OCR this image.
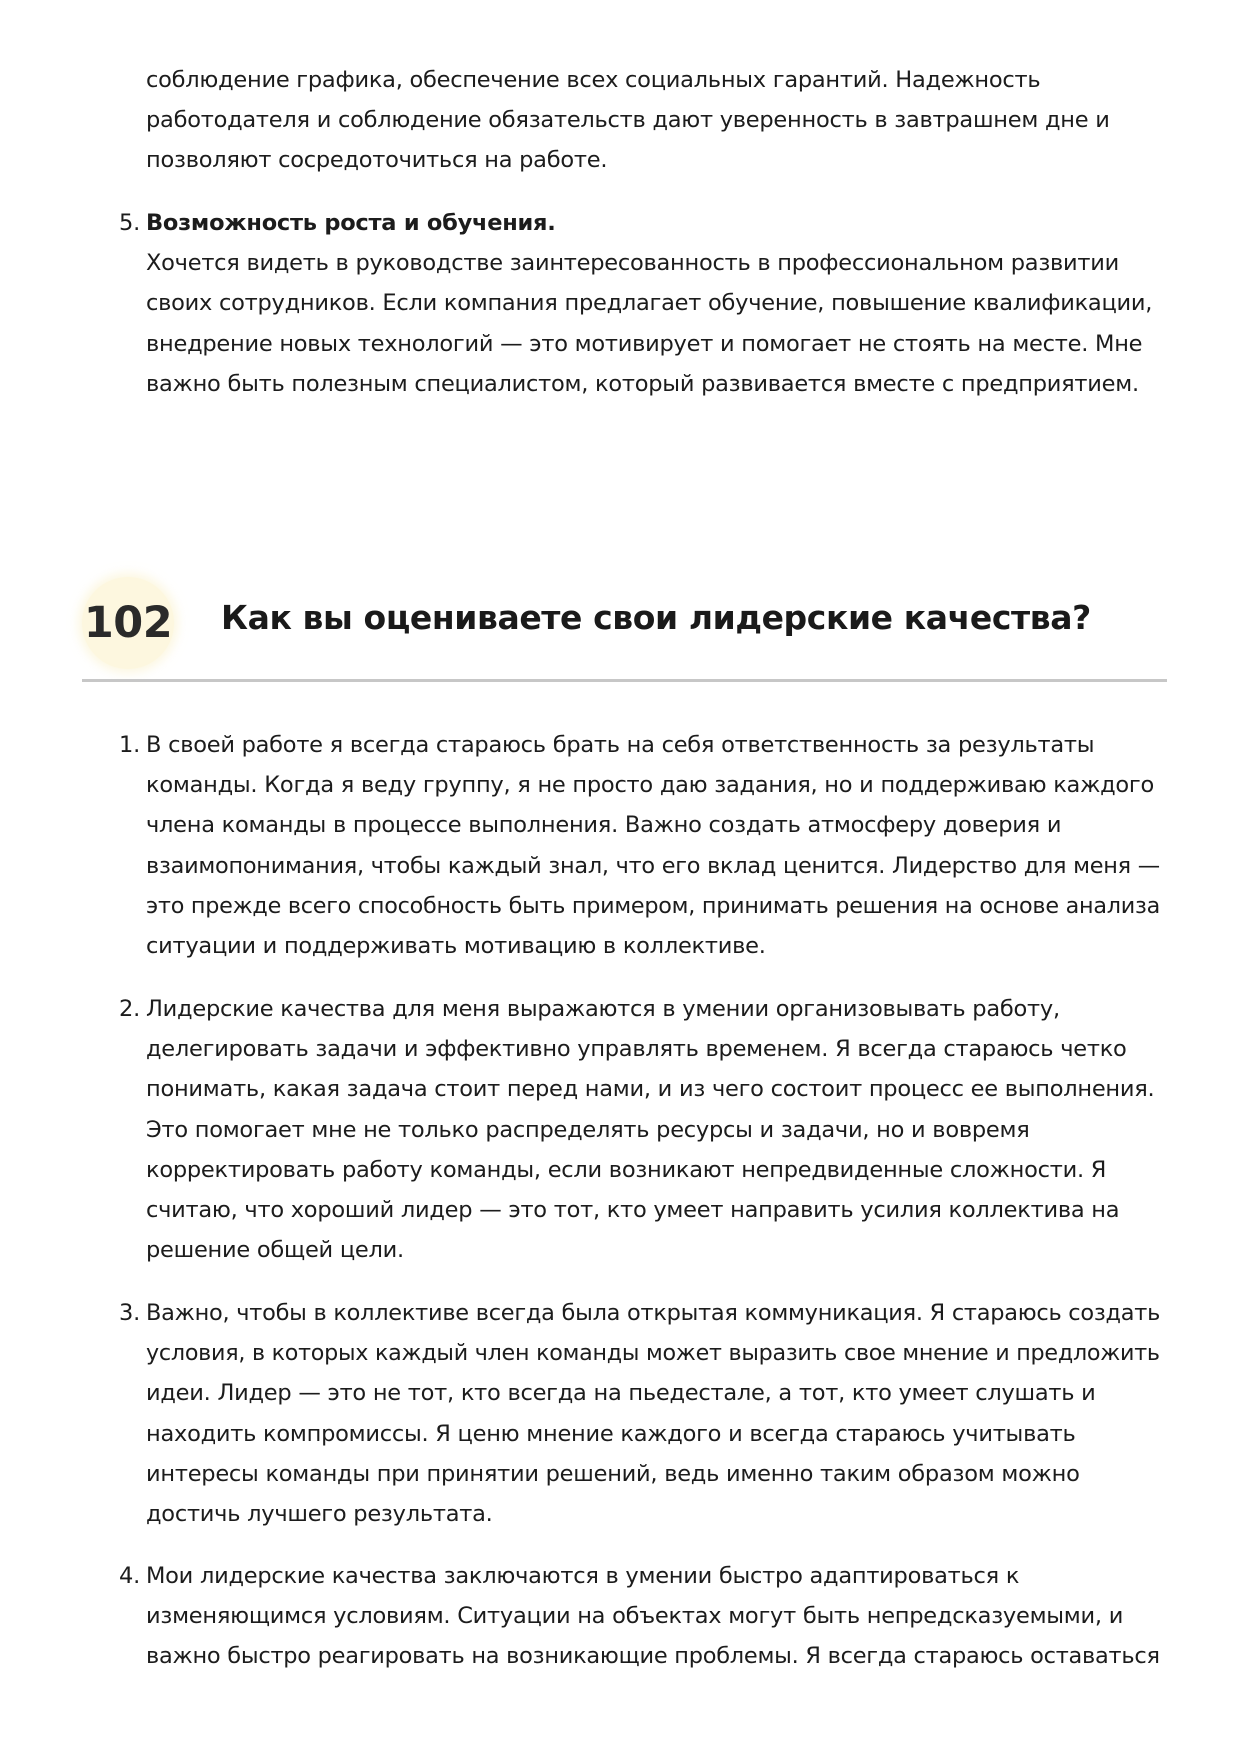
соблюдение графика, обеспечение всех социальных гарантий. Надежность
работодателя и соблюдение обязательств дают уверенность в завтрашнем дне и
позволяют сосредоточиться на работе.
5. Возможность роста и обучения.
Хочется видеть в руководстве заинтересованность в профессиональном развитии
своих сотрудников. Если компания предлагает обучение, повышение квалификации,
внедрение новых технологий — это мотивирует и помогает не стоять на месте. Мне
важно быть полезным специалистом, который развивается вместе с предприятием.
102 Как вы оцениваете свои лидерские качества?
1. В своей работе я всегда стараюсь брать на себя ответственность за результаты
команды. Когда я веду группу, я не просто даю задания, но и поддерживаю каждого
члена команды в процессе выполнения. Важно создать атмосферу доверия и
взаимопонимания, чтобы каждый знал, что его вклад ценится. Лидерство для меня —
это прежде всего способность быть примером, принимать решения на основе анализа
ситуации и поддерживать мотивацию в коллективе.
2. Лидерские качества для меня выражаются в умении организовывать работу,
делегировать задачи и эффективно управлять временем. Я всегда стараюсь четко
понимать, какая задача стоит перед нами, и из чего состоит процесс ее выполнения.
Это помогает мне не только распределять ресурсы и задачи, но и вовремя
корректировать работу команды, если возникают непредвиденные сложности. Я
считаю, что хороший лидер — это тот, кто умеет направить усилия коллектива на
решение общей цели.
3. Важно, чтобы в коллективе всегда была открытая коммуникация. Я стараюсь создать
условия, в которых каждый член команды может выразить свое мнение и предложить
идеи. Лидер — это не тот, кто всегда на пьедестале, а тот, кто умеет слушать и
находить компромиссы. Я ценю мнение каждого и всегда стараюсь учитывать
интересы команды при принятии решений, ведь именно таким образом можно
достичь лучшего результата.
4. Мои лидерские качества заключаются в умении быстро адаптироваться к
изменяющимся условиям. Ситуации на объектах могут быть непредсказуемыми, и
важно быстро реагировать на возникающие проблемы. Я всегда стараюсь оставаться
